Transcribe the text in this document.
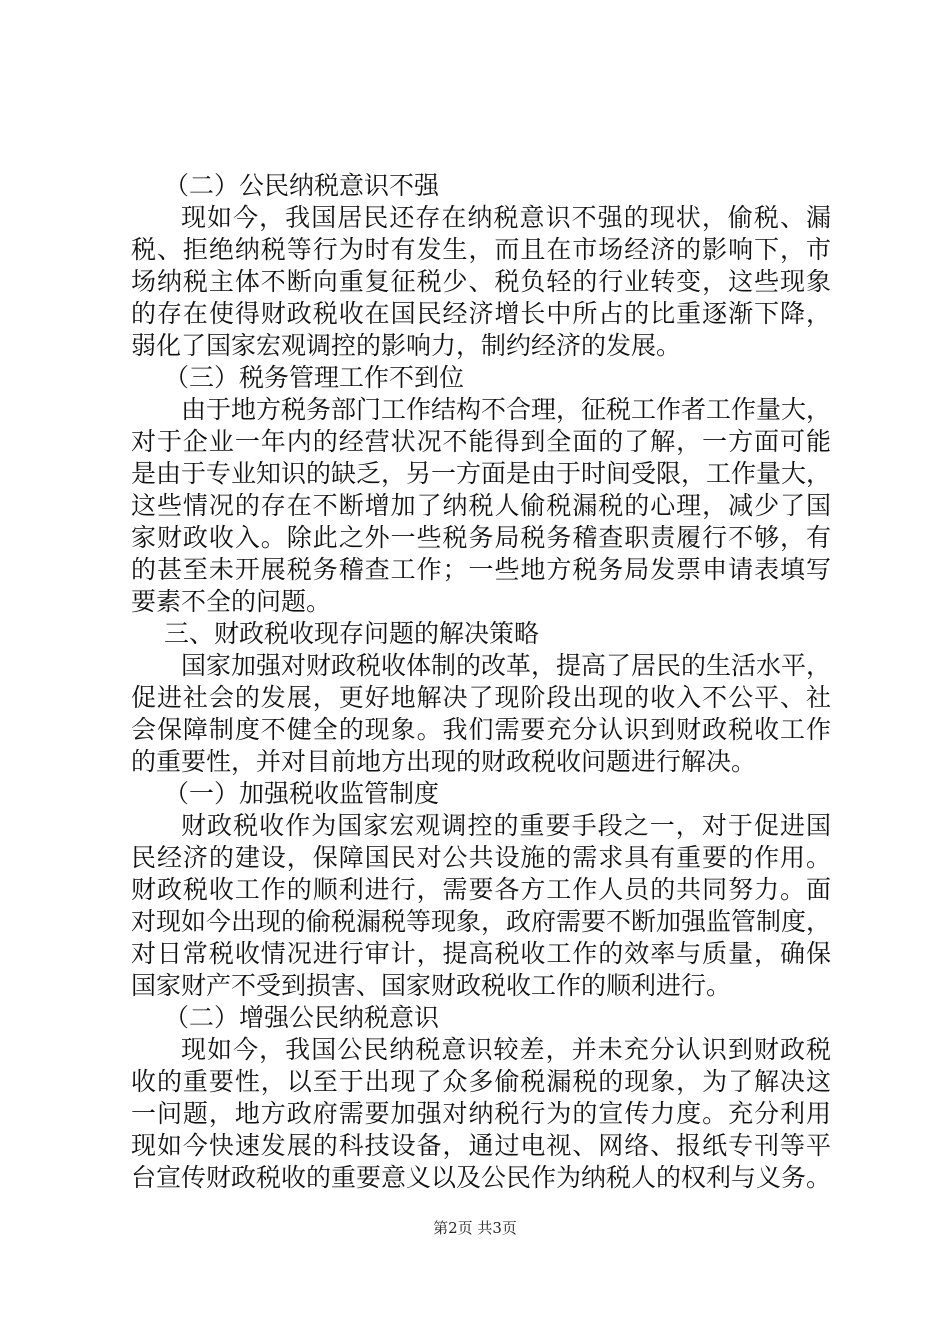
（二）公民纳税意识不强
现如今，我国居民还存在纳税意识不强的现状，偷税、漏
税、拒绝纳税等行为时有发生，而且在市场经济的影响下，市
场纳税主体不断向重复征税少、税负轻的行业转变，这些现象
的存在使得财政税收在国民经济增长中所占的比重逐渐下降，
弱化了国家宏观调控的影响力，制约经济的发展。
（三）税务管理工作不到位
由于地方税务部门工作结构不合理，征税工作者工作量大，
对于企业一年内的经营状况不能得到全面的了解，一方面可能
是由于专业知识的缺乏，另一方面是由于时间受限，工作量大，
这些情况的存在不断增加了纳税人偷税漏税的心理，减少了国
家财政收入。除此之外一些税务局税务稽查职责履行不够，有
的甚至未开展税务稽查工作；一些地方税务局发票申请表填写
要素不全的问题。
三、财政税收现存问题的解决策略
国家加强对财政税收体制的改革，提高了居民的生活水平，
促进社会的发展，更好地解决了现阶段出现的收入不公平、社
会保障制度不健全的现象。我们需要充分认识到财政税收工作
的重要性，并对目前地方出现的财政税收问题进行解决。
（一）加强税收监管制度
财政税收作为国家宏观调控的重要手段之一，对于促进国
民经济的建设，保障国民对公共设施的需求具有重要的作用。
财政税收工作的顺利进行，需要各方工作人员的共同努力。面
对现如今出现的偷税漏税等现象，政府需要不断加强监管制度，
对日常税收情况进行审计，提高税收工作的效率与质量，确保
国家财产不受到损害、国家财政税收工作的顺利进行。
（二）增强公民纳税意识
现如今，我国公民纳税意识较差，并未充分认识到财政税
收的重要性，以至于出现了众多偷税漏税的现象，为了解决这
一问题，地方政府需要加强对纳税行为的宣传力度。充分利用
现如今快速发展的科技设备，通过电视、网络、报纸专刊等平
台宣传财政税收的重要意义以及公民作为纳税人的权利与义务。
第2页 共3页
